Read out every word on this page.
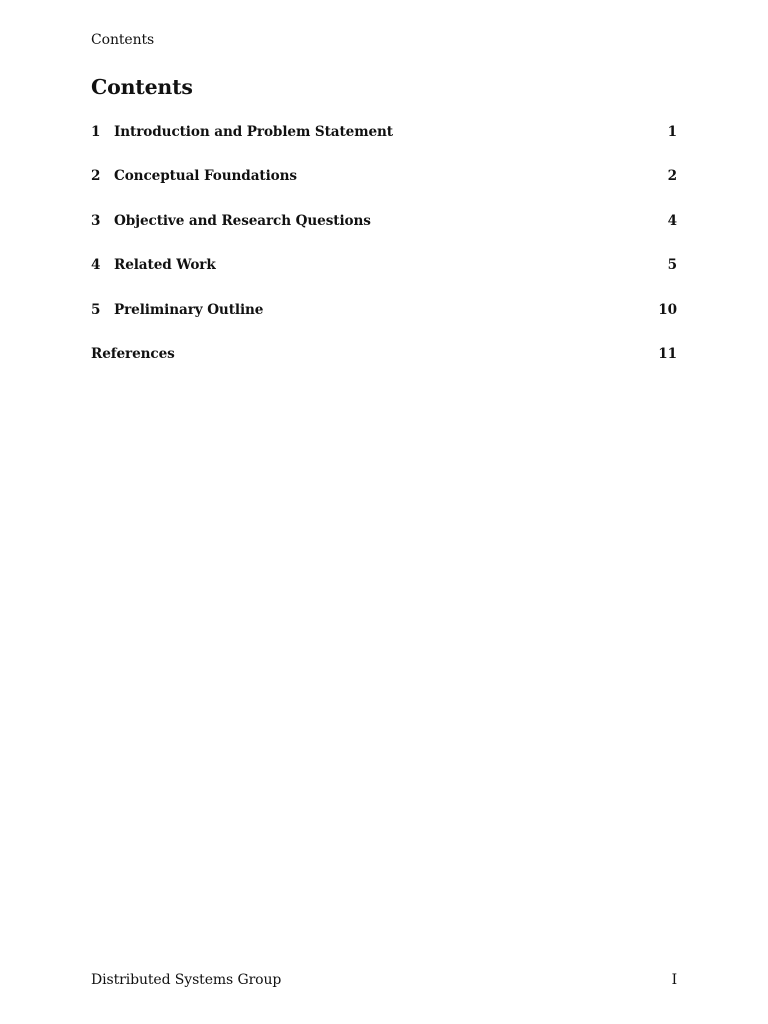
Contents
Contents
1 Introduction and Problem Statement	1
2 Conceptual Foundations	2
3 Objective and Research Questions	4
4 Related Work	5
5 Preliminary Outline	10
References	11
Distributed Systems Group	I
